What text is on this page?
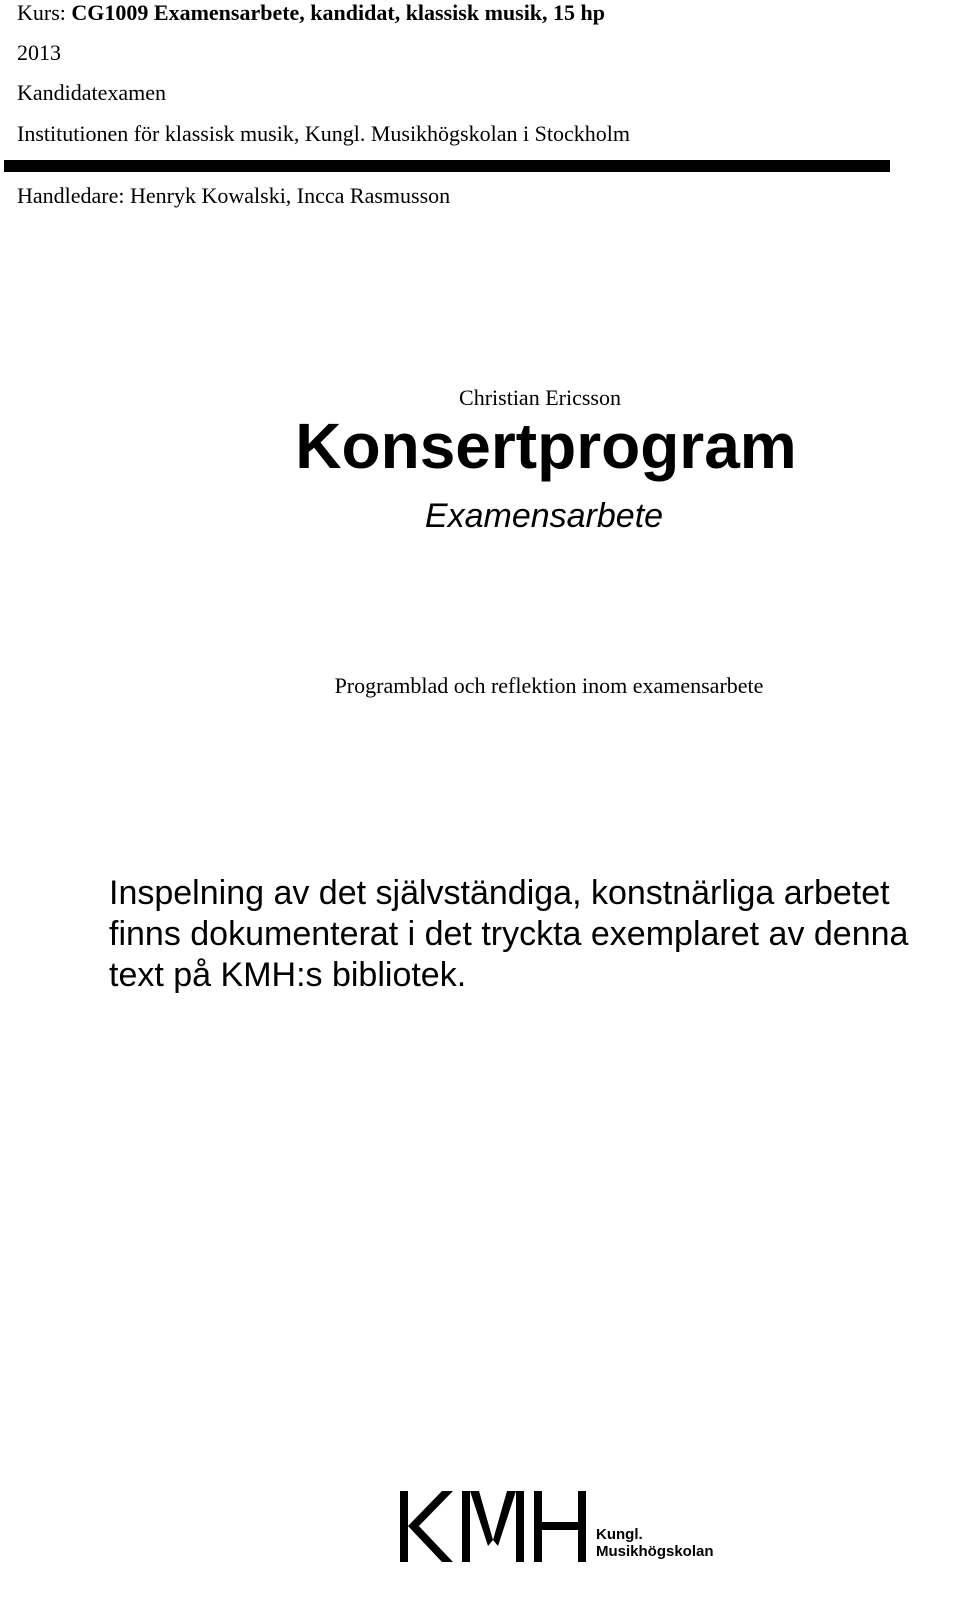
Kurs: CG1009 Examensarbete, kandidat, klassisk musik, 15 hp
2013
Kandidatexamen
Institutionen för klassisk musik, Kungl. Musikhögskolan i Stockholm
Handledare: Henryk Kowalski, Incca Rasmusson
Christian Ericsson
Konsertprogram
Examensarbete
Programblad och reflektion inom examensarbete
Inspelning av det självständiga, konstnärliga arbetet
finns dokumenterat i det tryckta exemplaret av denna
text på KMH:s bibliotek.
Kungl.
Musikhögskolan
